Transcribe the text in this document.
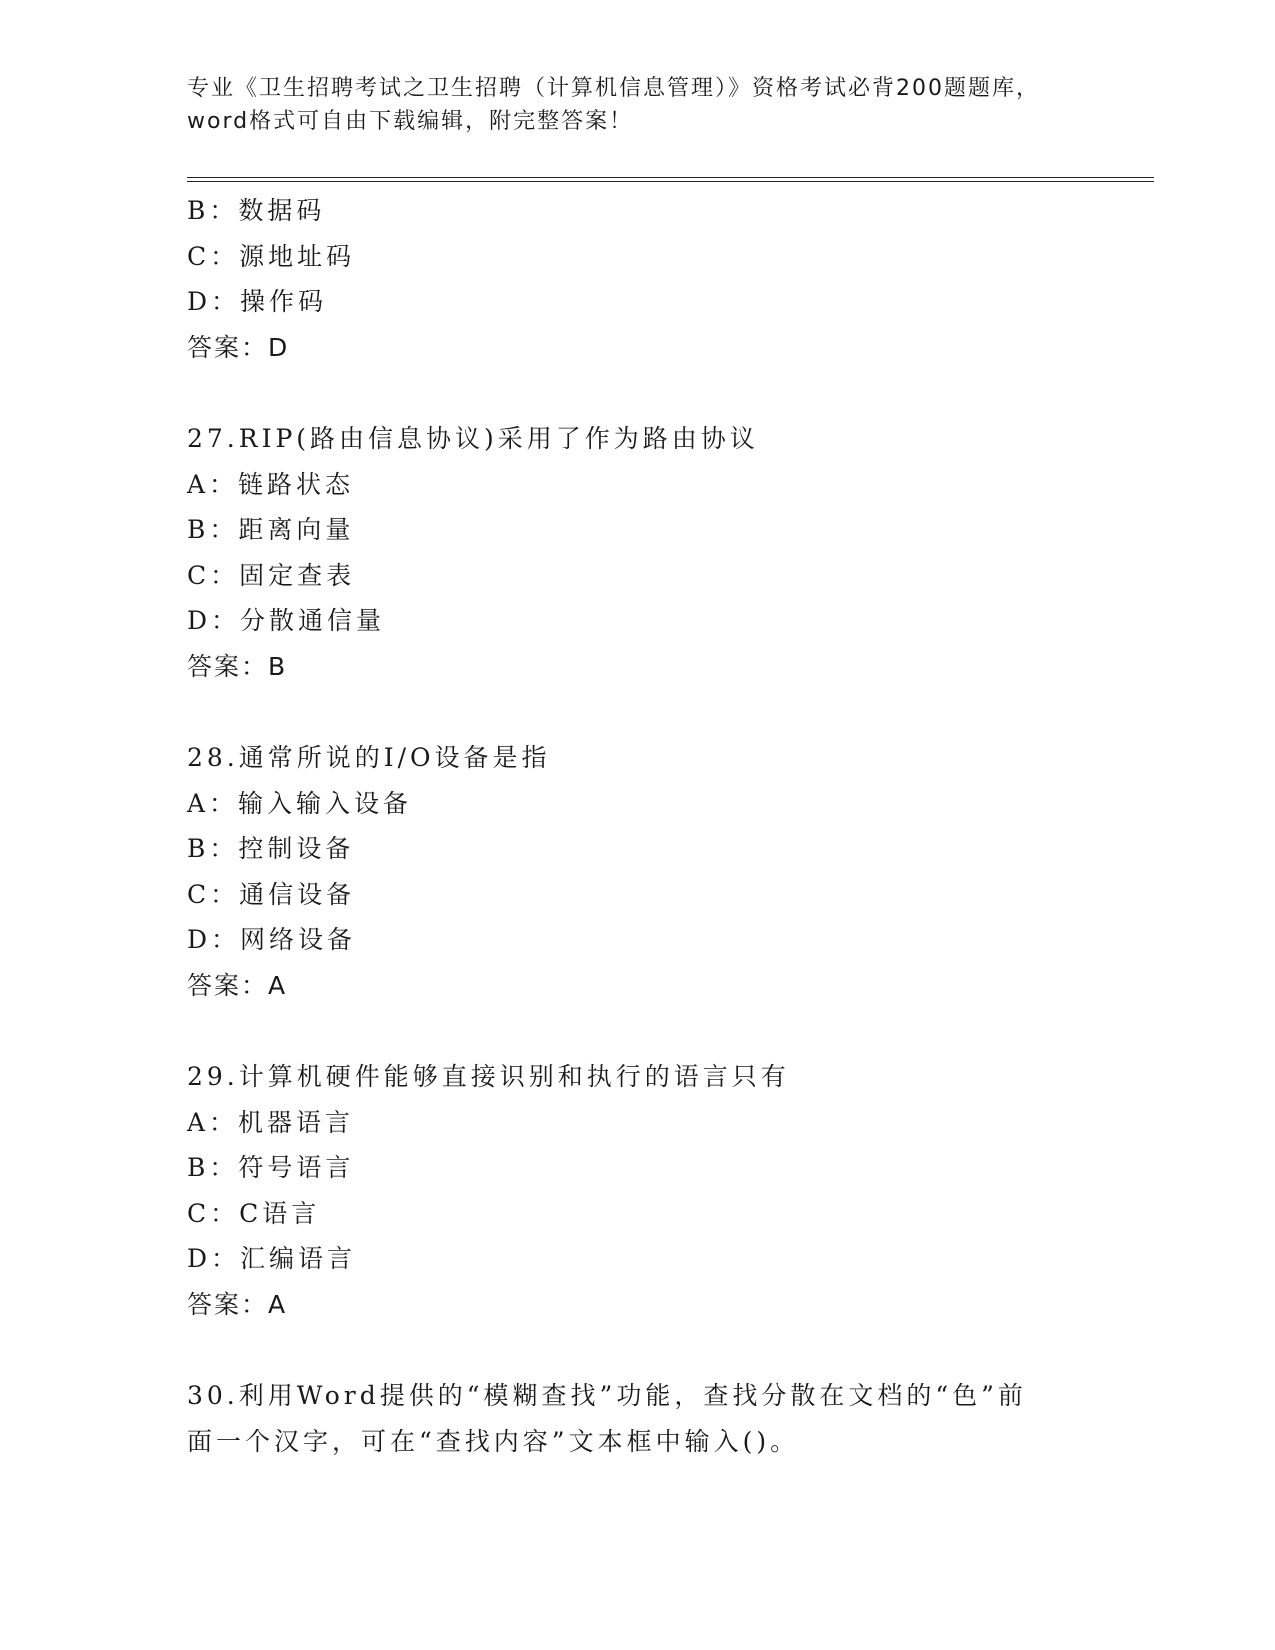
专业《卫生招聘考试之卫生招聘（计算机信息管理）》资格考试必背200题题库，
word格式可自由下载编辑，附完整答案！
B：数据码
C：源地址码
D：操作码
答案：D
27.RIP(路由信息协议)采用了作为路由协议
A：链路状态
B：距离向量
C：固定查表
D：分散通信量
答案：B
28.通常所说的I/O设备是指
A：输入输入设备
B：控制设备
C：通信设备
D：网络设备
答案：A
29.计算机硬件能够直接识别和执行的语言只有
A：机器语言
B：符号语言
C：C语言
D：汇编语言
答案：A
30.利用Word提供的“模糊查找”功能，查找分散在文档的“色”前
面一个汉字，可在“查找内容”文本框中输入()。
